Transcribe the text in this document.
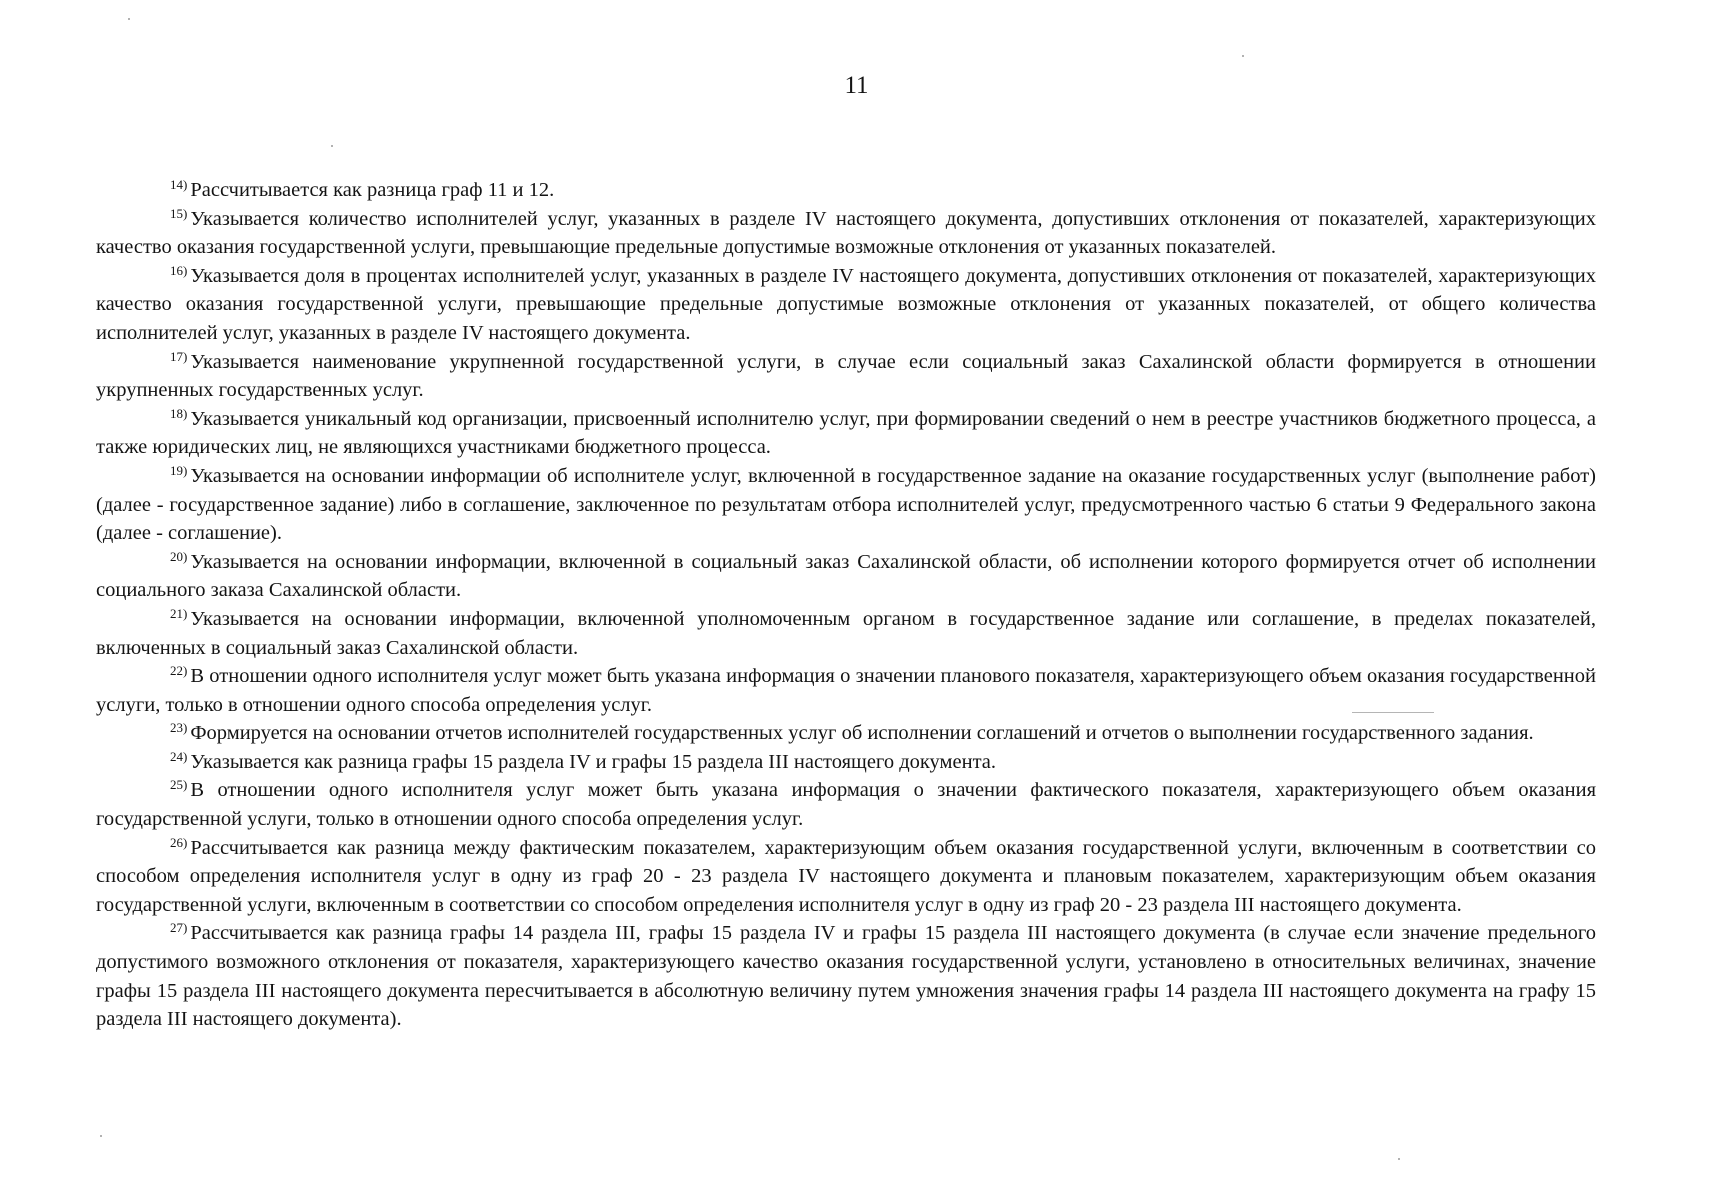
11

$^{14)}$ Рассчитывается как разница граф 11 и 12.

$^{15)}$ Указывается количество исполнителей услуг, указанных в разделе IV настоящего документа, допустивших отклонения от показателей, характеризующих качество оказания государственной услуги, превышающие предельные допустимые возможные отклонения от указанных показателей.

$^{16)}$ Указывается доля в процентах исполнителей услуг, указанных в разделе IV настоящего документа, допустивших отклонения от показателей, характеризующих качество оказания государственной услуги, превышающие предельные допустимые возможные отклонения от указанных показателей, от общего количества исполнителей услуг, указанных в разделе IV настоящего документа.

$^{17)}$ Указывается наименование укрупненной государственной услуги, в случае если социальный заказ Сахалинской области формируется в отношении укрупненных государственных услуг.

$^{18)}$ Указывается уникальный код организации, присвоенный исполнителю услуг, при формировании сведений о нем в реестре участников бюджетного процесса, а также юридических лиц, не являющихся участниками бюджетного процесса.

$^{19)}$ Указывается на основании информации об исполнителе услуг, включенной в государственное задание на оказание государственных услуг (выполнение работ) (далее - государственное задание) либо в соглашение, заключенное по результатам отбора исполнителей услуг, предусмотренного частью 6 статьи 9 Федерального закона (далее - соглашение).

$^{20)}$ Указывается на основании информации, включенной в социальный заказ Сахалинской области, об исполнении которого формируется отчет об исполнении социального заказа Сахалинской области.

$^{21)}$ Указывается на основании информации, включенной уполномоченным органом в государственное задание или соглашение, в пределах показателей, включенных в социальный заказ Сахалинской области.

$^{22)}$ В отношении одного исполнителя услуг может быть указана информация о значении планового показателя, характеризующего объем оказания государственной услуги, только в отношении одного способа определения услуг.

$^{23)}$ Формируется на основании отчетов исполнителей государственных услуг об исполнении соглашений и отчетов о выполнении государственного задания.

$^{24)}$ Указывается как разница графы 15 раздела IV и графы 15 раздела III настоящего документа.

$^{25)}$ В отношении одного исполнителя услуг может быть указана информация о значении фактического показателя, характеризующего объем оказания государственной услуги, только в отношении одного способа определения услуг.

$^{26)}$ Рассчитывается как разница между фактическим показателем, характеризующим объем оказания государственной услуги, включенным в соответствии со способом определения исполнителя услуг в одну из граф 20 - 23 раздела IV настоящего документа и плановым показателем, характеризующим объем оказания государственной услуги, включенным в соответствии со способом определения исполнителя услуг в одну из граф 20 - 23 раздела III настоящего документа.

$^{27)}$ Рассчитывается как разница графы 14 раздела III, графы 15 раздела IV и графы 15 раздела III настоящего документа (в случае если значение предельного допустимого возможного отклонения от показателя, характеризующего качество оказания государственной услуги, установлено в относительных величинах, значение графы 15 раздела III настоящего документа пересчитывается в абсолютную величину путем умножения значения графы 14 раздела III настоящего документа на графу 15 раздела III настоящего документа).
